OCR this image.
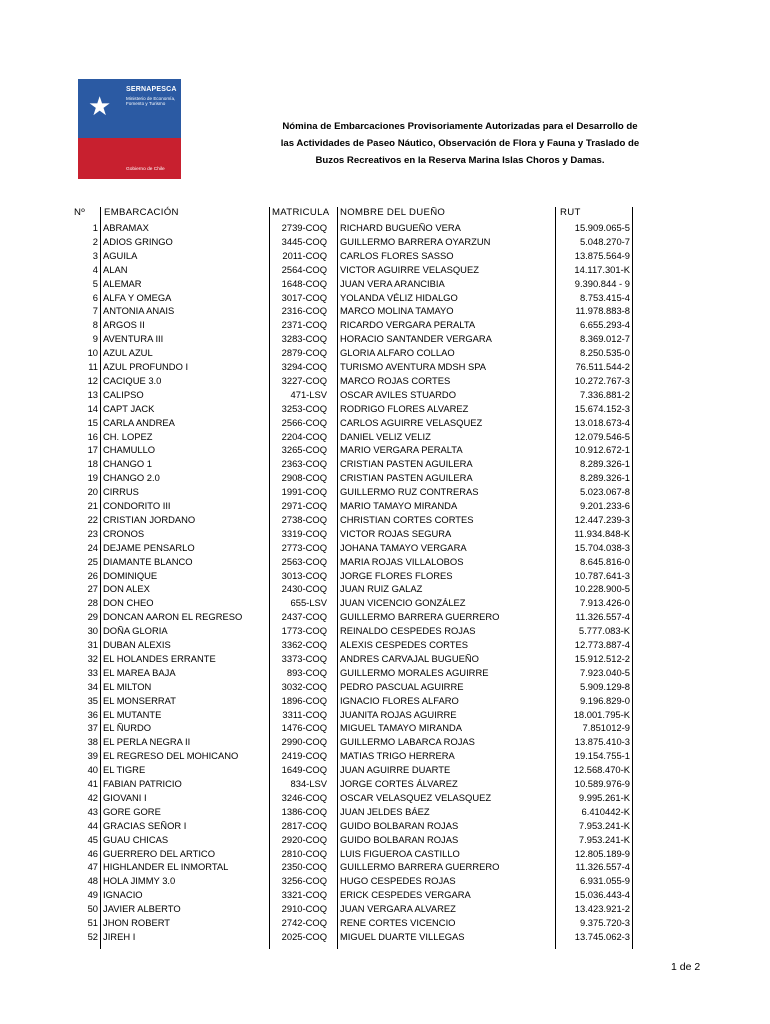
★
SERNAPESCA
Ministerio de Economía, Fomento y Turismo
Gobierno de Chile
Nómina de Embarcaciones Provisoriamente Autorizadas para el Desarrollo de
las Actividades de Paseo Náutico, Observación de Flora y Fauna y Traslado de
Buzos Recreativos en la Reserva Marina Islas Choros y Damas.
Nº EMBARCACIÓN	MATRICULA NOMBRE DEL DUEÑO	RUT
1 ABRAMAX	2739-COQ RICHARD BUGUEÑO VERA	15.909.065-5
2 ADIOS GRINGO	3445-COQ GUILLERMO BARRERA OYARZUN	5.048.270-7
3 AGUILA	2011-COQ CARLOS FLORES SASSO	13.875.564-9
4 ALAN	2564-COQ VICTOR AGUIRRE VELASQUEZ	14.117.301-K
5 ALEMAR	1648-COQ JUAN VERA ARANCIBIA	9.390.844 - 9
6 ALFA Y OMEGA	3017-COQ YOLANDA VÉLIZ HIDALGO	8.753.415-4
7 ANTONIA ANAIS	2316-COQ MARCO MOLINA TAMAYO	11.978.883-8
8 ARGOS II	2371-COQ RICARDO VERGARA PERALTA	6.655.293-4
9 AVENTURA III	3283-COQ HORACIO SANTANDER VERGARA	8.369.012-7
10 AZUL AZUL	2879-COQ GLORIA ALFARO COLLAO	8.250.535-0
11 AZUL PROFUNDO I	3294-COQ TURISMO AVENTURA MDSH SPA	76.511.544-2
12 CACIQUE 3.0	3227-COQ MARCO ROJAS CORTES	10.272.767-3
13 CALIPSO	471-LSV OSCAR AVILES STUARDO	7.336.881-2
14 CAPT JACK	3253-COQ RODRIGO FLORES ALVAREZ	15.674.152-3
15 CARLA ANDREA	2566-COQ CARLOS AGUIRRE VELASQUEZ	13.018.673-4
16 CH. LOPEZ	2204-COQ DANIEL VELIZ VELIZ	12.079.546-5
17 CHAMULLO	3265-COQ MARIO VERGARA PERALTA	10.912.672-1
18 CHANGO 1	2363-COQ CRISTIAN PASTEN AGUILERA	8.289.326-1
19 CHANGO 2.0	2908-COQ CRISTIAN PASTEN AGUILERA	8.289.326-1
20 CIRRUS	1991-COQ GUILLERMO RUZ CONTRERAS	5.023.067-8
21 CONDORITO III	2971-COQ MARIO TAMAYO MIRANDA	9.201.233-6
22 CRISTIAN JORDANO	2738-COQ CHRISTIAN CORTES CORTES	12.447.239-3
23 CRONOS	3319-COQ VICTOR ROJAS SEGURA	11.934.848-K
24 DEJAME PENSARLO	2773-COQ JOHANA TAMAYO VERGARA	15.704.038-3
25 DIAMANTE BLANCO	2563-COQ MARIA ROJAS VILLALOBOS	8.645.816-0
26 DOMINIQUE	3013-COQ JORGE FLORES FLORES	10.787.641-3
27 DON ALEX	2430-COQ JUAN RUIZ GALAZ	10.228.900-5
28 DON CHEO	655-LSV JUAN VICENCIO GONZÁLEZ	7.913.426-0
29 DONCAN AARON EL REGRESO	2437-COQ GUILLERMO BARRERA GUERRERO	11.326.557-4
30 DOÑA GLORIA	1773-COQ REINALDO CESPEDES ROJAS	5.777.083-K
31 DUBAN ALEXIS	3362-COQ ALEXIS CESPEDES CORTES	12.773.887-4
32 EL HOLANDES ERRANTE	3373-COQ ANDRES CARVAJAL BUGUEÑO	15.912.512-2
33 EL MAREA BAJA	893-COQ GUILLERMO MORALES AGUIRRE	7.923.040-5
34 EL MILTON	3032-COQ PEDRO PASCUAL AGUIRRE	5.909.129-8
35 EL MONSERRAT	1896-COQ IGNACIO FLORES ALFARO	9.196.829-0
36 EL MUTANTE	3311-COQ JUANITA ROJAS AGUIRRE	18.001.795-K
37 EL ÑURDO	1476-COQ MIGUEL TAMAYO MIRANDA	7.851012-9
38 EL PERLA NEGRA II	2990-COQ GUILLERMO LABARCA ROJAS	13.875.410-3
39 EL REGRESO DEL MOHICANO	2419-COQ MATIAS TRIGO HERRERA	19.154.755-1
40 EL TIGRE	1649-COQ JUAN AGUIRRE DUARTE	12.568.470-K
41 FABIAN PATRICIO	834-LSV JORGE CORTES ÁLVAREZ	10.589.976-9
42 GIOVANI I	3246-COQ OSCAR VELASQUEZ VELASQUEZ	9.995.261-K
43 GORE GORE	1386-COQ JUAN JELDES BÁEZ	6.410442-K
44 GRACIAS SEÑOR I	2817-COQ GUIDO BOLBARAN ROJAS	7.953.241-K
45 GUAU CHICAS	2920-COQ GUIDO BOLBARAN ROJAS	7.953.241-K
46 GUERRERO DEL ARTICO	2810-COQ LUIS FIGUEROA CASTILLO	12.805.189-9
47 HIGHLANDER EL INMORTAL	2350-COQ GUILLERMO BARRERA GUERRERO	11.326.557-4
48 HOLA JIMMY 3.0	3256-COQ HUGO CESPEDES ROJAS	6.931.055-9
49 IGNACIO	3321-COQ ERICK CESPEDES VERGARA	15.036.443-4
50 JAVIER ALBERTO	2910-COQ JUAN VERGARA ALVAREZ	13.423.921-2
51 JHON ROBERT	2742-COQ RENE CORTES VICENCIO	9.375.720-3
52 JIREH I	2025-COQ MIGUEL DUARTE VILLEGAS	13.745.062-3
1 de 2
